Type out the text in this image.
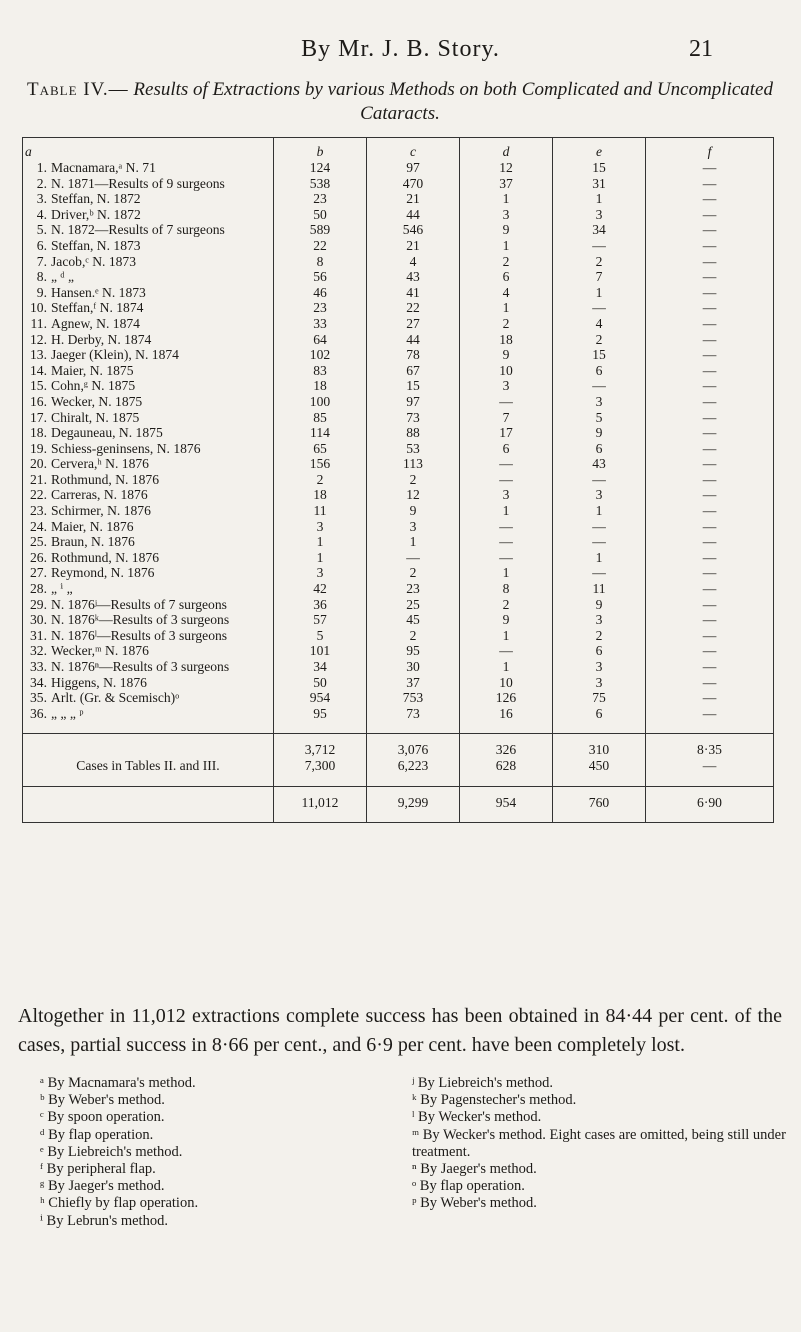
By Mr. J. B. Story.	21
Table IV.— Results of Extractions by various Methods on both Complicated and Uncomplicated Cataracts.
a	b	c	d	e	f
1. Macnamara,ᵃ N. 71	124	97	12	15	—
2. N. 1871—Results of 9 surgeons	538	470	37	31	—
3. Steffan, N. 1872	23	21	1	1	—
4. Driver,ᵇ N. 1872	50	44	3	3	—
5. N. 1872—Results of 7 surgeons	589	546	9	34	—
6. Steffan, N. 1873	22	21	1	—	—
7. Jacob,ᶜ N. 1873	8	4	2	2	—
8. „ ᵈ „	56	43	6	7	—
9. Hansen.ᵉ N. 1873	46	41	4	1	—
10. Steffan,ᶠ N. 1874	23	22	1	—	—
11. Agnew, N. 1874	33	27	2	4	—
12. H. Derby, N. 1874	64	44	18	2	—
13. Jaeger (Klein), N. 1874	102	78	9	15	—
14. Maier, N. 1875	83	67	10	6	—
15. Cohn,ᵍ N. 1875	18	15	3	—	—
16. Wecker, N. 1875	100	97	—	3	—
17. Chiralt, N. 1875	85	73	7	5	—
18. Degauneau, N. 1875	114	88	17	9	—
19. Schiess-geninsens, N. 1876	65	53	6	6	—
20. Cervera,ʰ N. 1876	156	113	—	43	—
21. Rothmund, N. 1876	2	2	—	—	—
22. Carreras, N. 1876	18	12	3	3	—
23. Schirmer, N. 1876	11	9	1	1	—
24. Maier, N. 1876	3	3	—	—	—
25. Braun, N. 1876	1	1	—	—	—
26. Rothmund, N. 1876	1	—	—	1	—
27. Reymond, N. 1876	3	2	1	—	—
28. „ ⁱ „	42	23	8	11	—
29. N. 1876ʲ—Results of 7 surgeons	36	25	2	9	—
30. N. 1876ᵏ—Results of 3 surgeons	57	45	9	3	—
31. N. 1876ˡ—Results of 3 surgeons	5	2	1	2	—
32. Wecker,ᵐ N. 1876	101	95	—	6	—
33. N. 1876ⁿ—Results of 3 surgeons	34	30	1	3	—
34. Higgens, N. 1876	50	37	10	3	—
35. Arlt. (Gr. & Scemisch)ᵒ	954	753	126	75	—
36. „ „ „ ᵖ	95	73	16	6	—

	3,712	3,076	326	310	8·35
Cases in Tables II. and III.	7,300	6,223	628	450	—

	11,012	9,299	954	760	6·90

Altogether in 11,012 extractions complete success has been obtained in 84·44 per cent. of the cases, partial success in 8·66 per cent., and 6·9 per cent. have been completely lost.

ᵃ By Macnamara's method.
ᵇ By Weber's method.
ᶜ By spoon operation.
ᵈ By flap operation.
ᵉ By Liebreich's method.
ᶠ By peripheral flap.
ᵍ By Jaeger's method.
ʰ Chiefly by flap operation.
ⁱ By Lebrun's method.
ʲ By Liebreich's method.
ᵏ By Pagenstecher's method.
ˡ By Wecker's method.
ᵐ By Wecker's method. Eight cases are omitted, being still under treatment.
ⁿ By Jaeger's method.
ᵒ By flap operation.
ᵖ By Weber's method.
